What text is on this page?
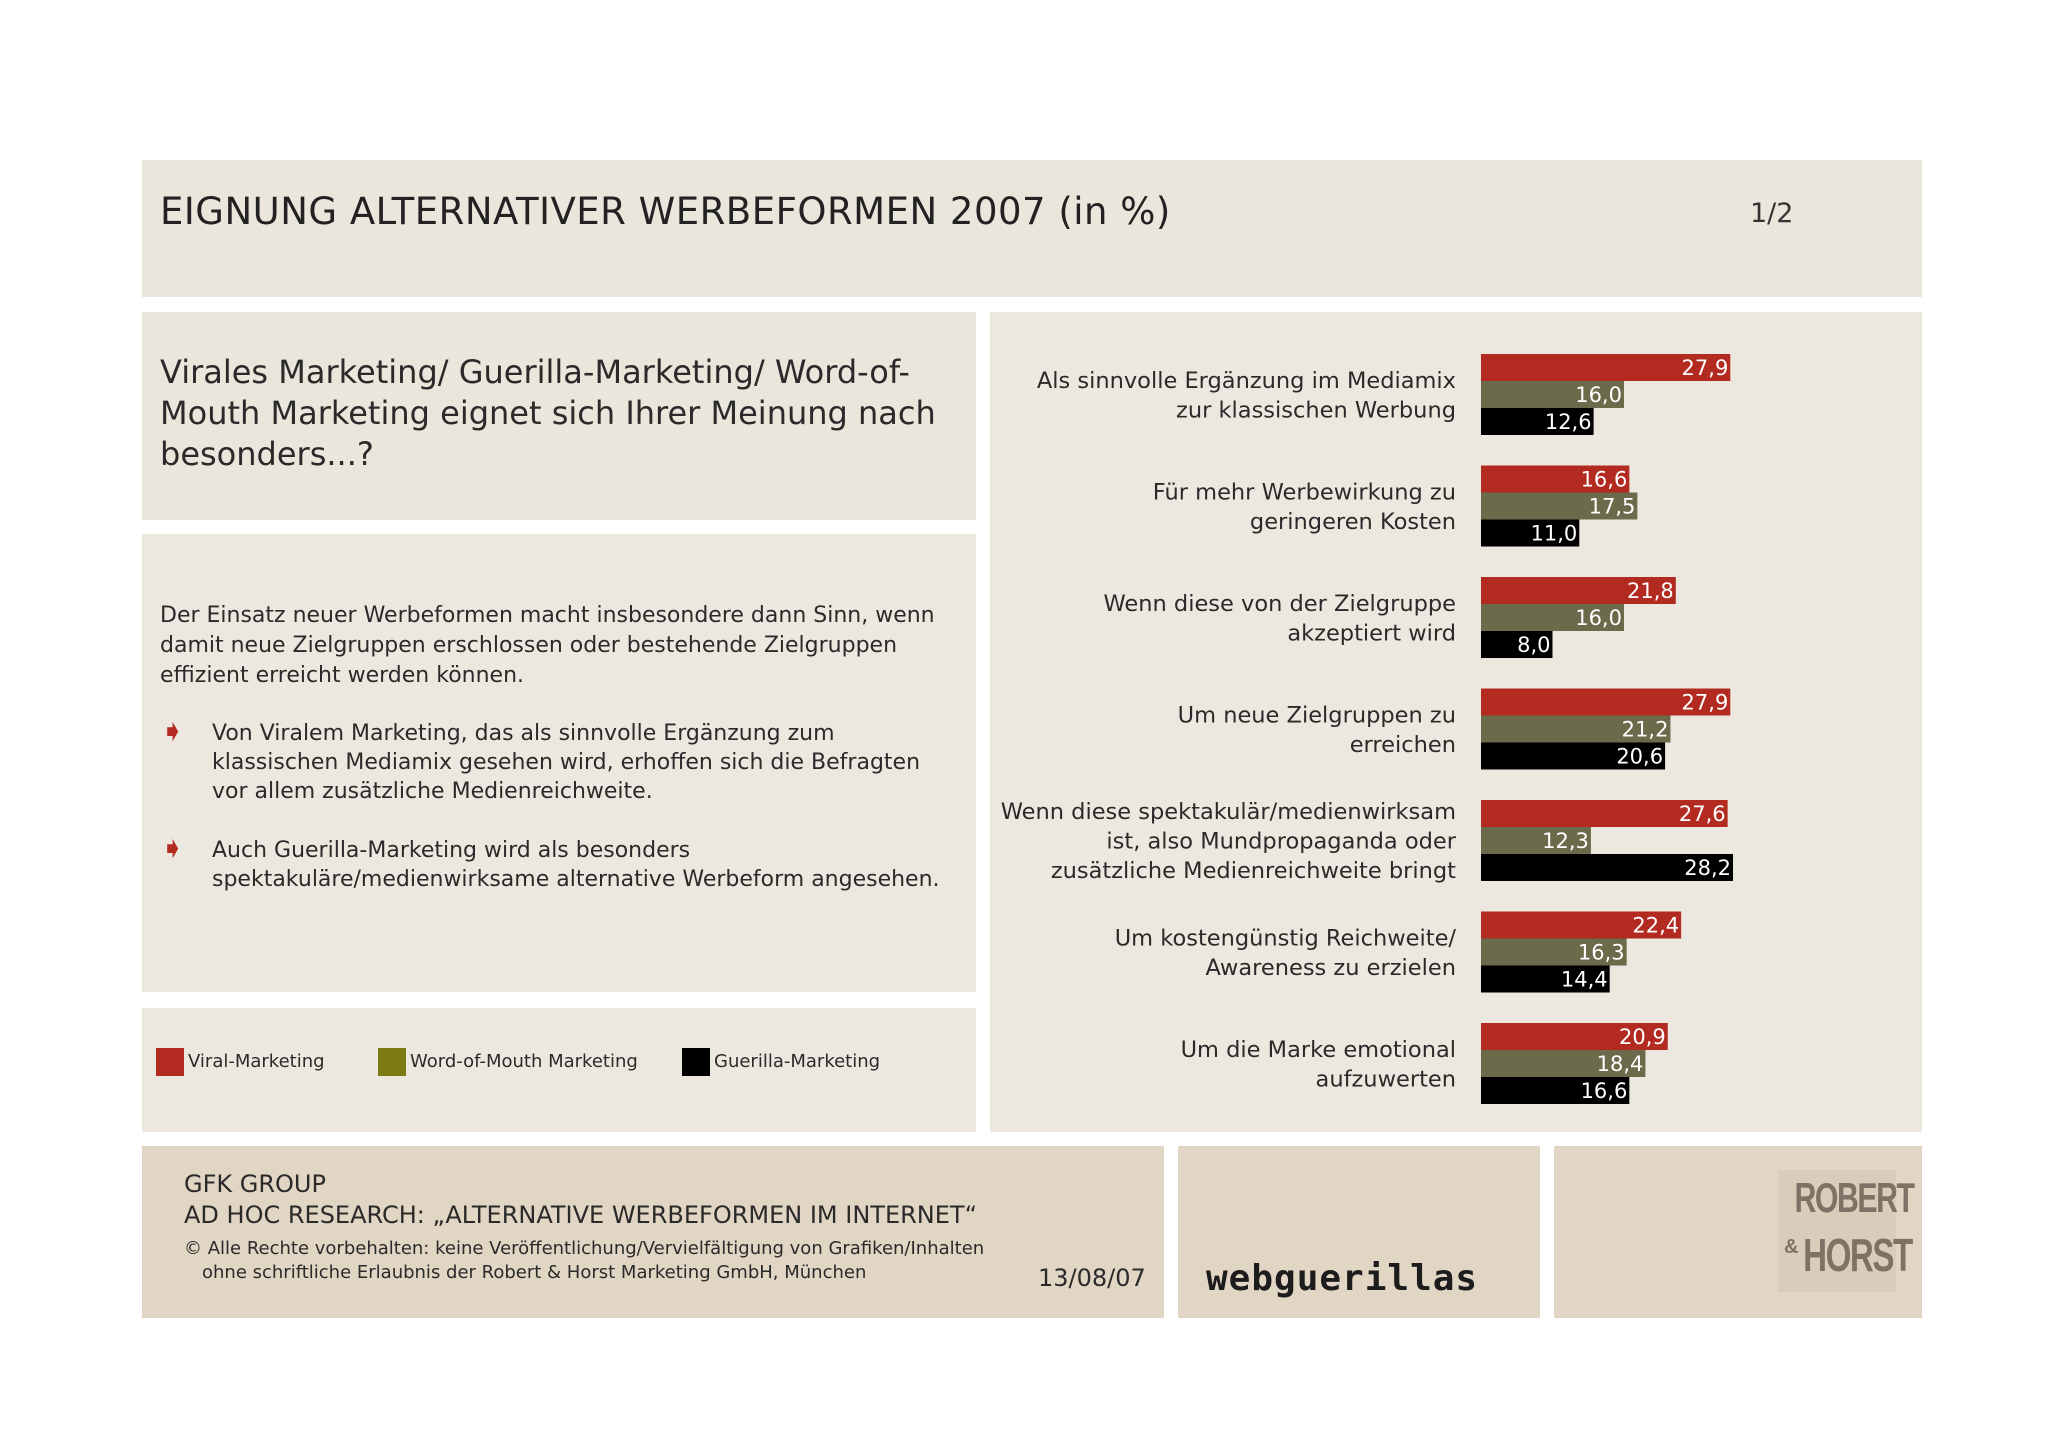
EIGNUNG ALTERNATIVER WERBEFORMEN 2007 (in %)	1/2
Virales Marketing/ Guerilla-Marketing/ Word-of-Mouth Marketing eignet sich Ihrer Meinung nach besonders...?
Der Einsatz neuer Werbeformen macht insbesondere dann Sinn, wenn damit neue Zielgruppen erschlossen oder bestehende Zielgruppen effizient erreicht werden können.
➧ Von Viralem Marketing, das als sinnvolle Ergänzung zum klassischen Mediamix gesehen wird, erhoffen sich die Befragten vor allem zusätzliche Medienreichweite.
➧ Auch Guerilla-Marketing wird als besonders spektakuläre/medienwirksame alternative Werbeform angesehen.
Viral-Marketing	Word-of-Mouth Marketing	Guerilla-Marketing
Als sinnvolle Ergänzung im Mediamix
zur klassischen Werbung
27,9
16,0
12,6
Für mehr Werbewirkung zu
geringeren Kosten
16,6
17,5
11,0
Wenn diese von der Zielgruppe
akzeptiert wird
21,8
16,0
8,0
Um neue Zielgruppen zu
erreichen
27,9
21,2
20,6
Wenn diese spektakulär/medienwirksam
ist, also Mundpropaganda oder
zusätzliche Medienreichweite bringt
27,6
12,3
28,2
Um kostengünstig Reichweite/
Awareness zu erzielen
22,4
16,3
14,4
Um die Marke emotional
aufzuwerten
20,9
18,4
16,6
GFK GROUP
AD HOC RESEARCH: „ALTERNATIVE WERBEFORMEN IM INTERNET“
© Alle Rechte vorbehalten: keine Veröffentlichung/Vervielfältigung von Grafiken/Inhalten
ohne schriftliche Erlaubnis der Robert & Horst Marketing GmbH, München	13/08/07 webguerillas
ROBERT
& HORST
